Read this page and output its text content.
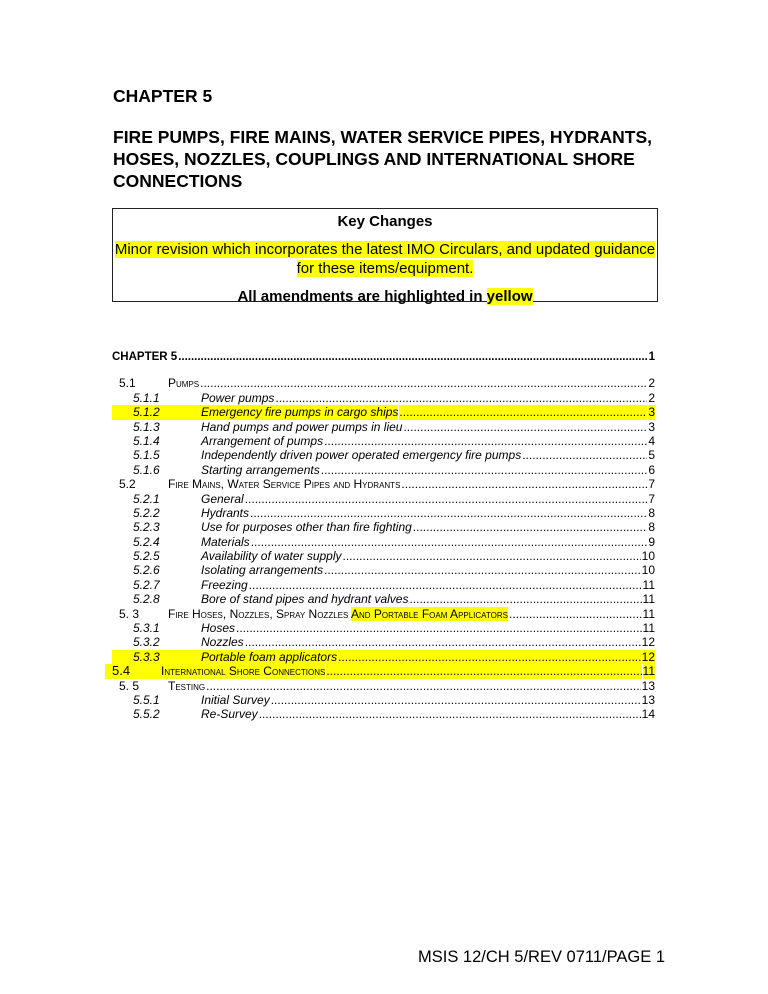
CHAPTER 5
FIRE PUMPS, FIRE MAINS, WATER SERVICE PIPES, HYDRANTS, HOSES, NOZZLES, COUPLINGS AND INTERNATIONAL SHORE CONNECTIONS
Key Changes
Minor revision which incorporates the latest IMO Circulars, and updated guidance for these items/equipment.
All amendments are highlighted in yellow
CHAPTER 5 .....	1
5.1	Pumps .....	2
5.1.1	Power pumps .....	2
5.1.2	Emergency fire pumps in cargo ships .....	3
5.1.3	Hand pumps and power pumps in lieu .....	3
5.1.4	Arrangement of pumps .....	4
5.1.5	Independently driven power operated emergency fire pumps .....	5
5.1.6	Starting arrangements .....	6
5.2	Fire Mains, Water Service Pipes and Hydrants .....	7
5.2.1	General .....	7
5.2.2	Hydrants .....	8
5.2.3	Use for purposes other than fire fighting .....	8
5.2.4	Materials .....	9
5.2.5	Availability of water supply .....	10
5.2.6	Isolating arrangements .....	10
5.2.7	Freezing .....	11
5.2.8	Bore of stand pipes and hydrant valves .....	11
5. 3	Fire Hoses, Nozzles, Spray Nozzles And Portable Foam Applicators .....	11
5.3.1	Hoses .....	11
5.3.2	Nozzles .....	12
5.3.3	Portable foam applicators .....	12
5.4	International Shore Connections .....	11
5. 5	Testing .....	13
5.5.1	Initial Survey .....	13
5.5.2	Re-Survey .....	14
MSIS 12/CH 5/REV 0711/PAGE 1
